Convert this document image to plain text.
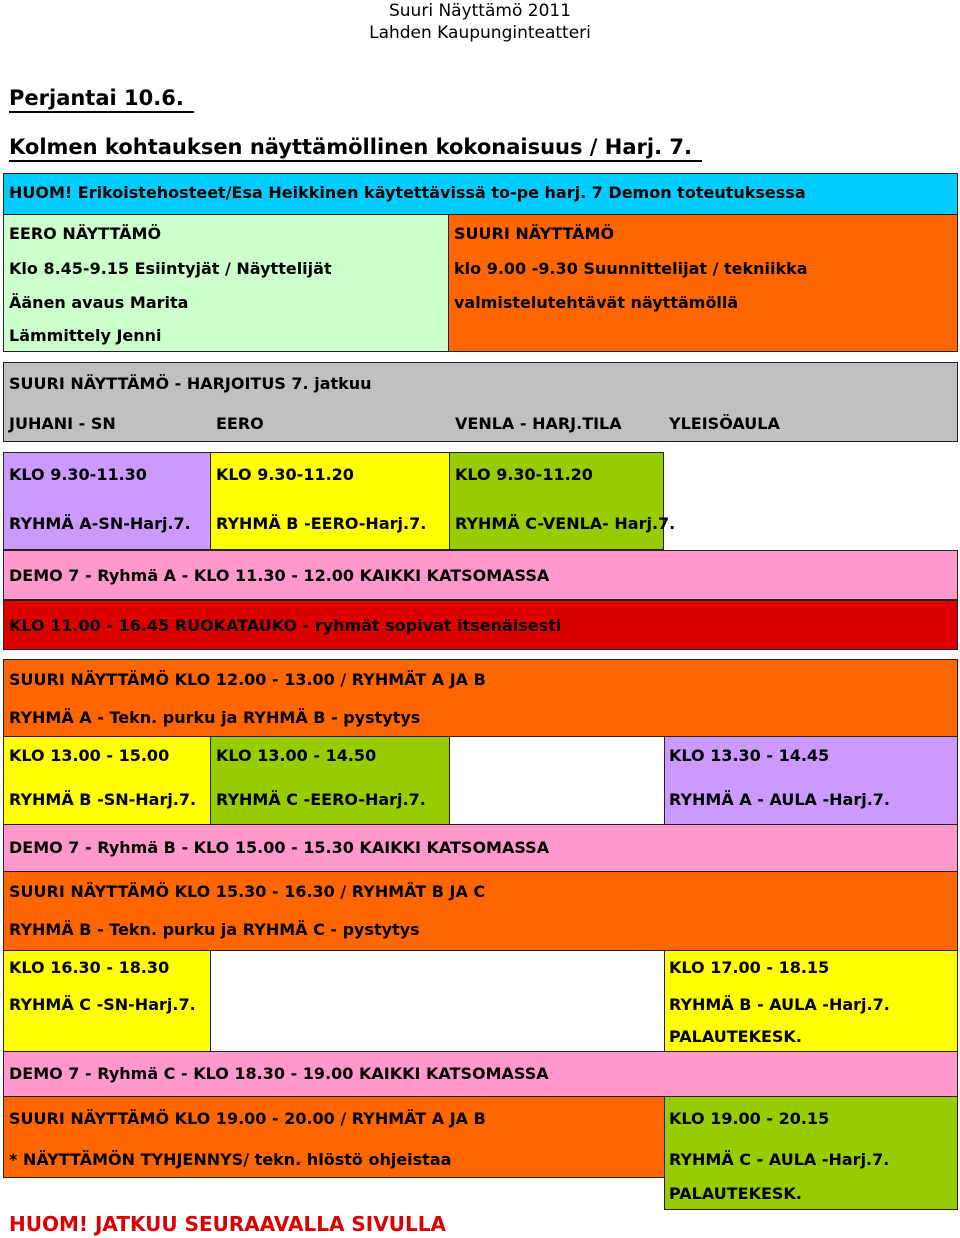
Suuri Näyttämö 2011
Lahden Kaupunginteatteri
Perjantai 10.6.
Kolmen kohtauksen näyttämöllinen kokonaisuus / Harj. 7.
HUOM! Erikoistehosteet/Esa Heikkinen käytettävissä to-pe harj. 7 Demon toteutuksessa
EERO NÄYTTÄMÖ
Klo 8.45-9.15 Esiintyjät / Näyttelijät
Äänen avaus Marita
Lämmittely Jenni
SUURI NÄYTTÄMÖ
klo 9.00 -9.30 Suunnittelijat / tekniikka
valmistelutehtävät näyttämöllä
SUURI NÄYTTÄMÖ - HARJOITUS 7. jatkuu
JUHANI - SN	EERO	VENLA - HARJ.TILA	YLEISÖAULA
KLO 9.30-11.30
RYHMÄ A-SN-Harj.7.
KLO 9.30-11.20
RYHMÄ B -EERO-Harj.7.
KLO 9.30-11.20
RYHMÄ C-VENLA- Harj.7.
DEMO 7 - Ryhmä A - KLO 11.30 - 12.00 KAIKKI KATSOMASSA
KLO 11.00 - 16.45 RUOKATAUKO - ryhmät sopivat itsenäisesti
SUURI NÄYTTÄMÖ KLO 12.00 - 13.00 / RYHMÄT A JA B
RYHMÄ A - Tekn. purku ja RYHMÄ B - pystytys
KLO 13.00 - 15.00
RYHMÄ B -SN-Harj.7.
KLO 13.00 - 14.50
RYHMÄ C -EERO-Harj.7.
KLO 13.30 - 14.45
RYHMÄ A - AULA -Harj.7.
DEMO 7 - Ryhmä B - KLO 15.00 - 15.30 KAIKKI KATSOMASSA
SUURI NÄYTTÄMÖ KLO 15.30 - 16.30 / RYHMÄT B JA C
RYHMÄ B - Tekn. purku ja RYHMÄ C - pystytys
KLO 16.30 - 18.30
RYHMÄ C -SN-Harj.7.
KLO 17.00 - 18.15
RYHMÄ B - AULA -Harj.7.
PALAUTEKESK.
DEMO 7 - Ryhmä C - KLO 18.30 - 19.00 KAIKKI KATSOMASSA
SUURI NÄYTTÄMÖ KLO 19.00 - 20.00 / RYHMÄT A JA B
* NÄYTTÄMÖN TYHJENNYS/ tekn. hlöstö ohjeistaa
KLO 19.00 - 20.15
RYHMÄ C - AULA -Harj.7.
PALAUTEKESK.
HUOM! JATKUU SEURAAVALLA SIVULLA
